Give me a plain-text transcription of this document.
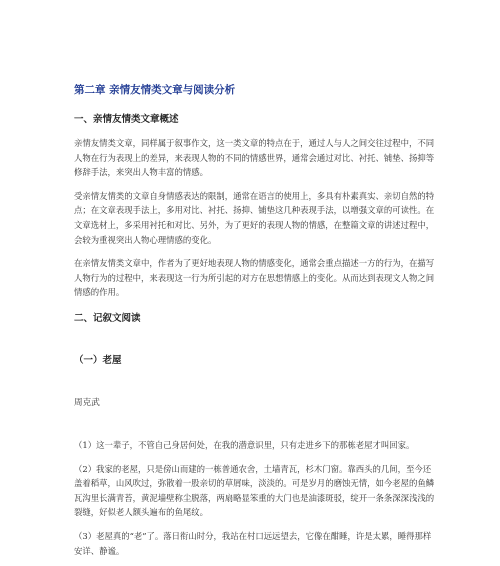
第二章 亲情友情类文章与阅读分析
一、亲情友情类文章概述

亲情友情类文章，同样属于叙事作文，这一类文章的特点在于，通过人与人之间交往过程中，不同人物在行为表现上的差异，来表现人物的不同的情感世界，通常会通过对比、衬托、铺垫、扬抑等修辞手法，来突出人物丰富的情感。

受亲情友情类的文章自身情感表达的限制，通常在语言的使用上，多具有朴素真实、亲切自然的特点；在文章表现手法上，多用对比、衬托、扬抑、铺垫这几种表现手法，以增强文章的可读性。在文章选材上，多采用衬托和对比、另外，为了更好的表现人物的情感，在整篇文章的讲述过程中，会较为重视突出人物心理情感的变化。

在亲情友情类文章中，作者为了更好地表现人物的情感变化，通常会重点描述一方的行为，在描写人物行为的过程中，来表现这一行为所引起的对方在思想情感上的变化。从而达到表现文人物之间情感的作用。

二、记叙文阅读
（一）老屋
周克武

（1）这一辈子，不管自己身居何处，在我的潜意识里，只有走进乡下的那栋老屋才叫回家。

（2）我家的老屋，只是傍山而建的一栋普通农舍，土墙青瓦，杉木门窗。靠西头的几间，至今还盖着稻草，山风吹过，弥散着一股亲切的草屑味，淡淡的。可是岁月的磨蚀无情，如今老屋的鱼鳞瓦沟里长满青苔，黄泥墙壁称尘脱落，两扇略显笨重的大门也是油漆斑驳，绽开一条条深深浅浅的裂缝，好似老人额头遍布的鱼尾纹。

（3）老屋真的“老”了。落日衔山时分，我站在村口远远望去，它像在酣睡，许是太累，睡得那样安详、静谧。
